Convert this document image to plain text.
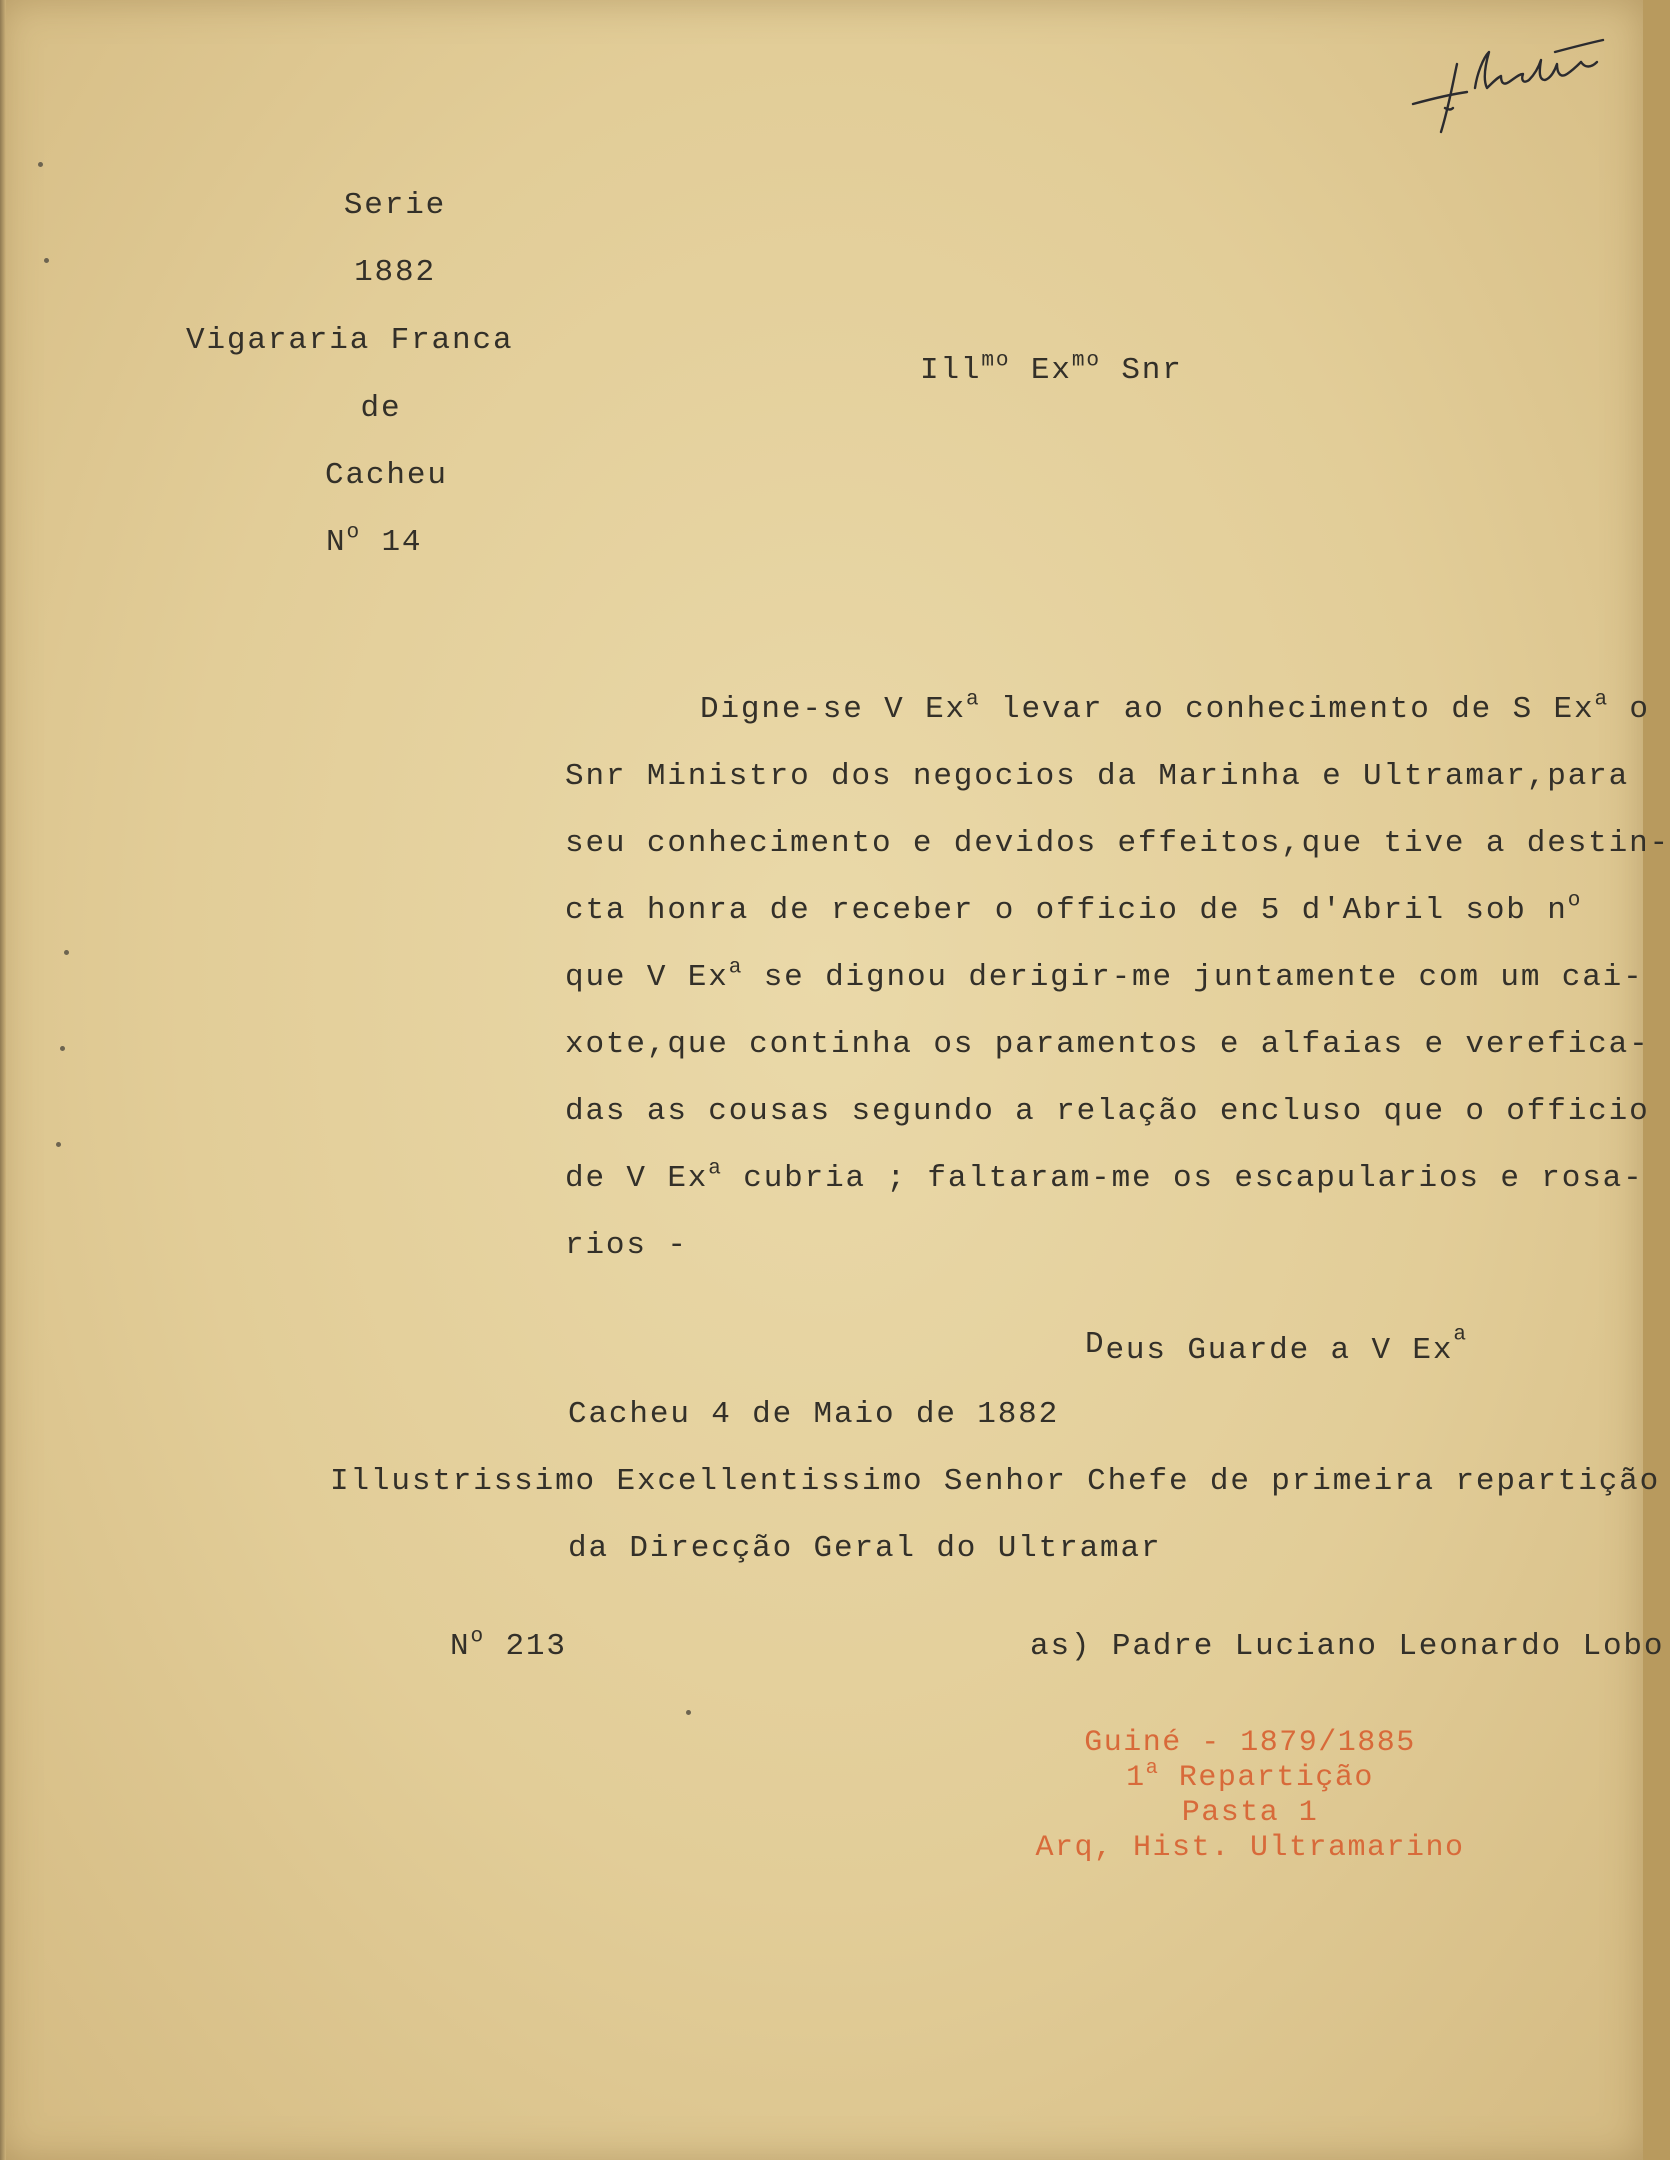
Serie
1882
Vigararia Franca
de
Cacheu
$N^o$ 14
Ill$^{mo}$ $Ex^{mo}$ Snr
Digne-se V Ex$^a$ levar ao conhecimento de S Ex$^a$ o
Snr Ministro dos negocios da Marinha e Ultramar,para
seu conhecimento e devidos effeitos,que tive a destin-
cta honra de receber o officio de 5 d'Abril sob $n^o$
que V Ex$^a$ se dignou derigir-me juntamente com um cai-
xote,que continha os paramentos e alfaias e verefica-
das as cousas segundo a relação encluso que o officio
de V Ex$^a$ cubria ; faltaram-me os escapularios e rosa-
rios -
Deus Guarde a V Ex$^a$
Cacheu 4 de Maio de 1882
Illustrissimo Excellentissimo Senhor Chefe de primeira repartição
da Direcção Geral do Ultramar
$N^o$ 213	as) Padre Luciano Leonardo Lobo
Guiné - 1879/1885
1$^a$ Repartição
Pasta 1
Arq, Hist. Ultramarino
